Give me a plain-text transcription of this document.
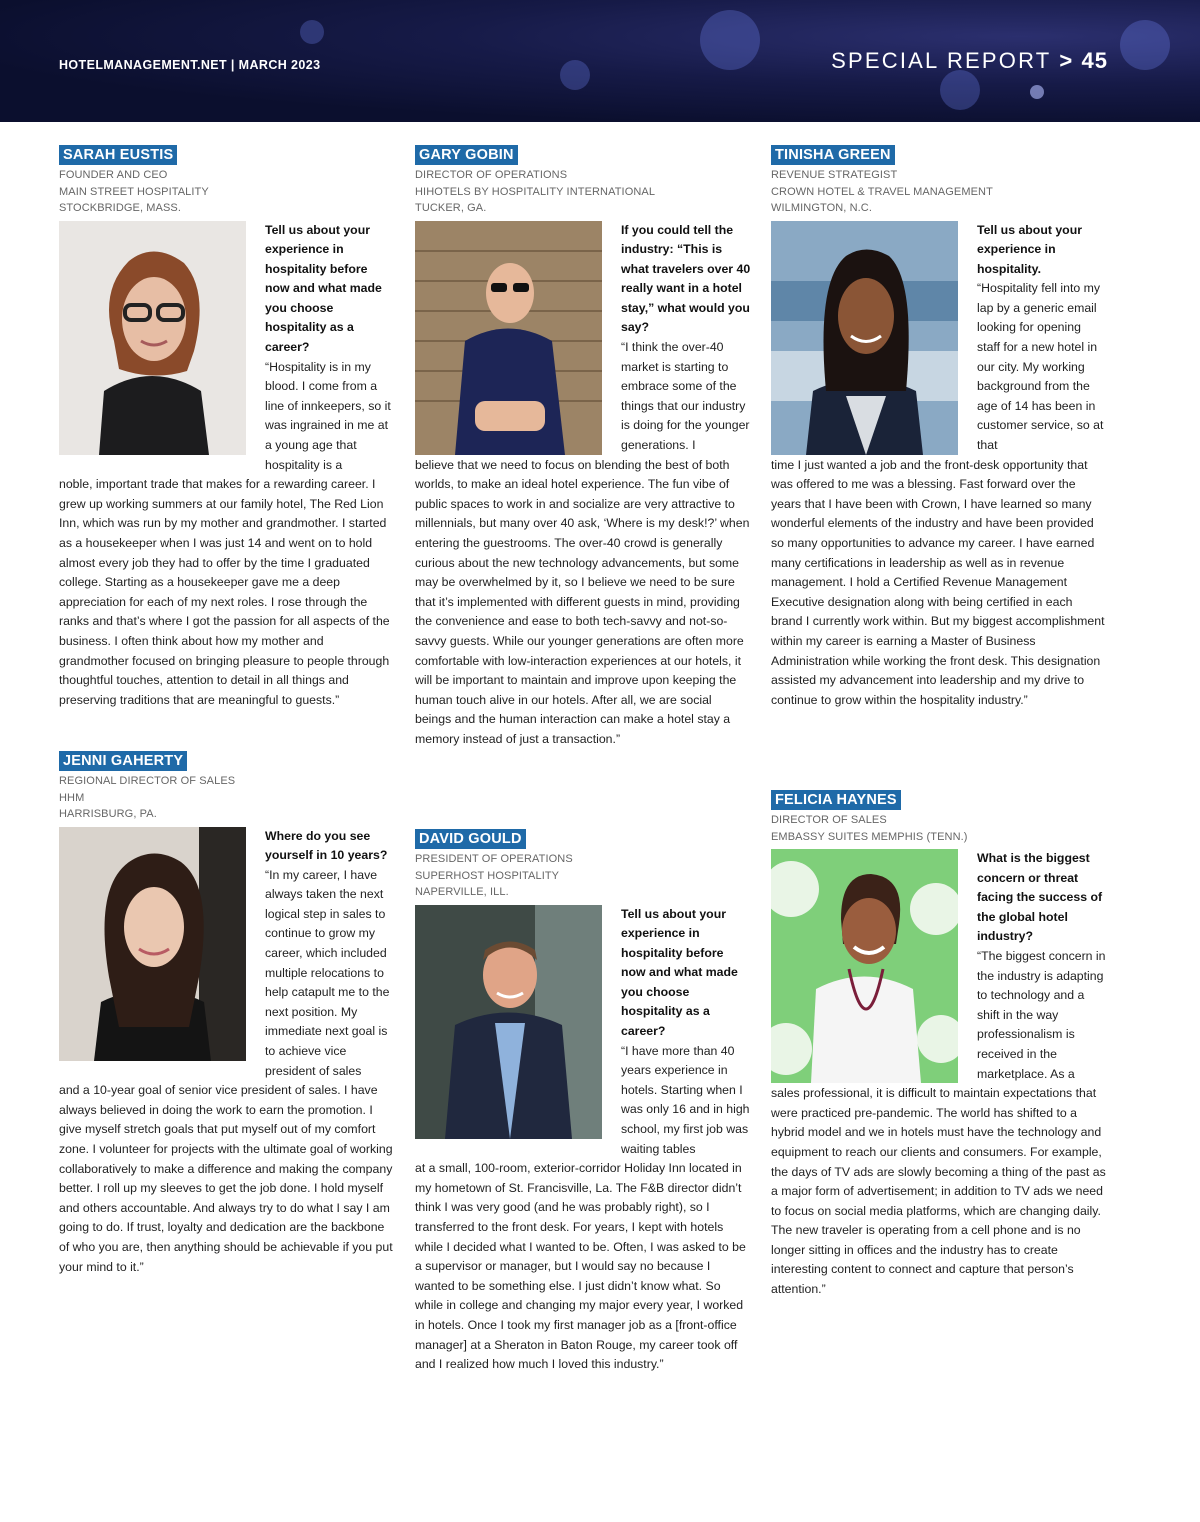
HOTELMANAGEMENT.NET | MARCH 2023	SPECIAL REPORT > 45
SARAH EUSTIS
FOUNDER AND CEO
MAIN STREET HOSPITALITY
STOCKBRIDGE, MASS.
Tell us about your experience in hospitality before now and what made you choose hospitality as a career?
“Hospitality is in my blood. I come from a line of innkeepers, so it was ingrained in me at a young age that hospitality is a
noble, important trade that makes for a rewarding career. I grew up working summers at our family hotel, The Red Lion Inn, which was run by my mother and grandmother. I started as a housekeeper when I was just 14 and went on to hold almost every job they had to offer by the time I graduated college. Starting as a housekeeper gave me a deep appreciation for each of my next roles. I rose through the ranks and that’s where I got the passion for all aspects of the business. I often think about how my mother and grandmother focused on bringing pleasure to people through thoughtful touches, attention to detail in all things and preserving traditions that are meaningful to guests.”
JENNI GAHERTY
REGIONAL DIRECTOR OF SALES
HHM
HARRISBURG, PA.
Where do you see yourself in 10 years?
“In my career, I have always taken the next logical step in sales to continue to grow my career, which included multiple relocations to help catapult me to the next position. My immediate next goal is to achieve vice president of sales
and a 10-year goal of senior vice president of sales. I have always believed in doing the work to earn the promotion. I give myself stretch goals that put myself out of my comfort zone. I volunteer for projects with the ultimate goal of working collaboratively to make a difference and making the company better. I roll up my sleeves to get the job done. I hold myself and others accountable. And always try to do what I say I am going to do. If trust, loyalty and dedication are the backbone of who you are, then anything should be achievable if you put your mind to it.”
GARY GOBIN
DIRECTOR OF OPERATIONS
HIHOTELS BY HOSPITALITY INTERNATIONAL
TUCKER, GA.
If you could tell the industry: “This is what travelers over 40 really want in a hotel stay,” what would you say?
“I think the over-40 market is starting to embrace some of the things that our industry is doing for the younger generations. I
believe that we need to focus on blending the best of both worlds, to make an ideal hotel experience. The fun vibe of public spaces to work in and socialize are very attractive to millennials, but many over 40 ask, ‘Where is my desk!?’ when entering the guestrooms. The over-40 crowd is generally curious about the new technology advancements, but some may be overwhelmed by it, so I believe we need to be sure that it’s implemented with different guests in mind, providing the convenience and ease to both tech-savvy and not-so-savvy guests. While our younger generations are often more comfortable with low-interaction experiences at our hotels, it will be important to maintain and improve upon keeping the human touch alive in our hotels. After all, we are social beings and the human interaction can make a hotel stay a memory instead of just a transaction.”
DAVID GOULD
PRESIDENT OF OPERATIONS
SUPERHOST HOSPITALITY
NAPERVILLE, ILL.
Tell us about your experience in hospitality before now and what made you choose hospitality as a career?
“I have more than 40 years experience in hotels. Starting when I was only 16 and in high school, my first job was waiting tables
at a small, 100-room, exterior-corridor Holiday Inn located in my hometown of St. Francisville, La. The F&B director didn’t think I was very good (and he was probably right), so I transferred to the front desk. For years, I kept with hotels while I decided what I wanted to be. Often, I was asked to be a supervisor or manager, but I would say no because I wanted to be something else. I just didn’t know what. So while in college and changing my major every year, I worked in hotels. Once I took my first manager job as a [front-office manager] at a Sheraton in Baton Rouge, my career took off and I realized how much I loved this industry.”
TINISHA GREEN
REVENUE STRATEGIST
CROWN HOTEL & TRAVEL MANAGEMENT
WILMINGTON, N.C.
Tell us about your experience in hospitality.
“Hospitality fell into my lap by a generic email looking for opening staff for a new hotel in our city. My working background from the age of 14 has been in customer service, so at that
time I just wanted a job and the front-desk opportunity that was offered to me was a blessing. Fast forward over the years that I have been with Crown, I have learned so many wonderful elements of the industry and have been provided so many opportunities to advance my career. I have earned many certifications in leadership as well as in revenue management. I hold a Certified Revenue Management Executive designation along with being certified in each brand I currently work within. But my biggest accomplishment within my career is earning a Master of Business Administration while working the front desk. This designation assisted my advancement into leadership and my drive to continue to grow within the hospitality industry.”
FELICIA HAYNES
DIRECTOR OF SALES
EMBASSY SUITES MEMPHIS (TENN.)
What is the biggest concern or threat facing the success of the global hotel industry?
“The biggest concern in the industry is adapting to technology and a shift in the way professionalism is received in the marketplace. As a
sales professional, it is difficult to maintain expectations that were practiced pre-pandemic. The world has shifted to a hybrid model and we in hotels must have the technology and equipment to reach our clients and consumers. For example, the days of TV ads are slowly becoming a thing of the past as a major form of advertisement; in addition to TV ads we need to focus on social media platforms, which are changing daily. The new traveler is operating from a cell phone and is no longer sitting in offices and the industry has to create interesting content to connect and capture that person’s attention.”
